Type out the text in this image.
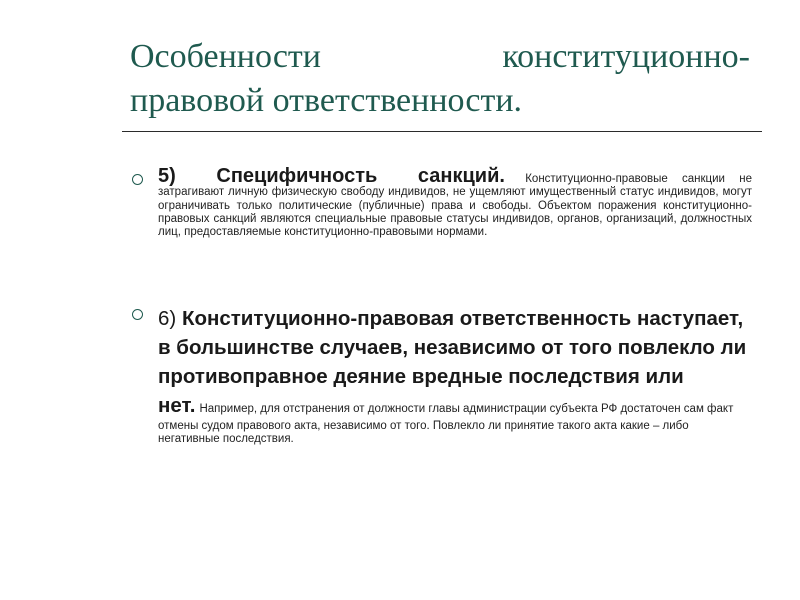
Особенности	конституционно-
правовой ответственности.
5) Специфичность санкций. Конституционно-правовые санкции не затрагивают личную физическую свободу индивидов, не ущемляют имущественный статус индивидов, могут ограничивать только политические (публичные) права и свободы. Объектом поражения конституционно-правовых санкций являются специальные правовые статусы индивидов, органов, организаций, должностных лиц, предоставляемые конституционно-правовыми нормами.
6) Конституционно-правовая ответственность наступает, в большинстве случаев, независимо от того повлекло ли противоправное деяние вредные последствия или нет. Например, для отстранения от должности главы администрации субъекта РФ достаточен сам факт отмены судом правового акта, независимо от того. Повлекло ли принятие такого акта какие – либо негативные последствия.
